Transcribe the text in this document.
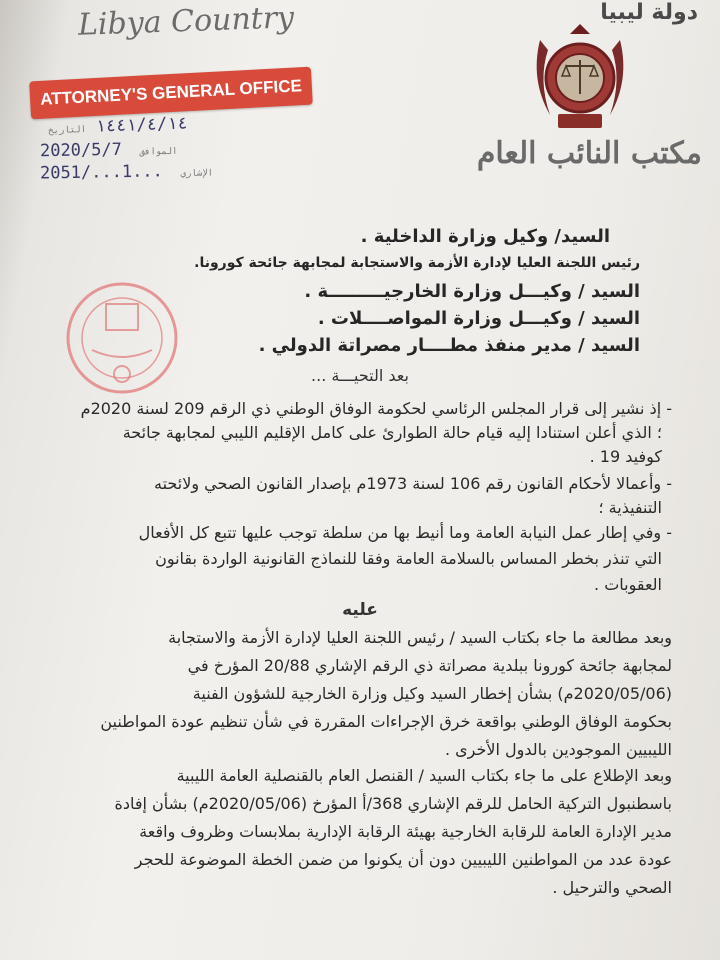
Libya Country
ATTORNEY'S GENERAL OFFICE
١٤٤١/٤/١٤ التاريخ
2020/5/7 الموافق
2051/...1... الإشاري
دولة ليبيا
مكتب النائب العام
السيد/ وكيل وزارة الداخلية .
رئيس اللجنة العليا لإدارة الأزمة والاستجابة لمجابهة جائحة كورونا.
السيد / وكيـــل وزارة الخارجيـــــــــة .
السيد / وكيـــل وزارة المواصــــلات .
السيد / مدير منفذ مطــــار مصراتة الدولي .
بعد التحيـــة ...
- إذ نشير إلى قرار المجلس الرئاسي لحكومة الوفاق الوطني ذي الرقم 209 لسنة 2020م
؛ الذي أعلن استنادا إليه قيام حالة الطوارئ على كامل الإقليم الليبي لمجابهة جائحة
كوفيد 19 .
- وأعمالا لأحكام القانون رقم 106 لسنة 1973م بإصدار القانون الصحي ولائحته
التنفيذية ؛
- وفي إطار عمل النيابة العامة وما أنيط بها من سلطة توجب عليها تتبع كل الأفعال
التي تنذر بخطر المساس بالسلامة العامة وفقا للنماذج القانونية الواردة بقانون
العقوبات .
عليه
وبعد مطالعة ما جاء بكتاب السيد / رئيس اللجنة العليا لإدارة الأزمة والاستجابة
لمجابهة جائحة كورونا ببلدية مصراتة ذي الرقم الإشاري 20/88 المؤرخ في
(2020/05/06م) بشأن إخطار السيد وكيل وزارة الخارجية للشؤون الفنية
بحكومة الوفاق الوطني بواقعة خرق الإجراءات المقررة في شأن تنظيم عودة المواطنين
الليبيين الموجودين بالدول الأخرى .
وبعد الإطلاع على ما جاء بكتاب السيد / القنصل العام بالقنصلية العامة الليبية
باسطنبول التركية الحامل للرقم الإشاري 368/أ المؤرخ (2020/05/06م) بشأن إفادة
مدير الإدارة العامة للرقابة الخارجية بهيئة الرقابة الإدارية بملابسات وظروف واقعة
عودة عدد من المواطنين الليبيين دون أن يكونوا من ضمن الخطة الموضوعة للحجر
الصحي والترحيل .
